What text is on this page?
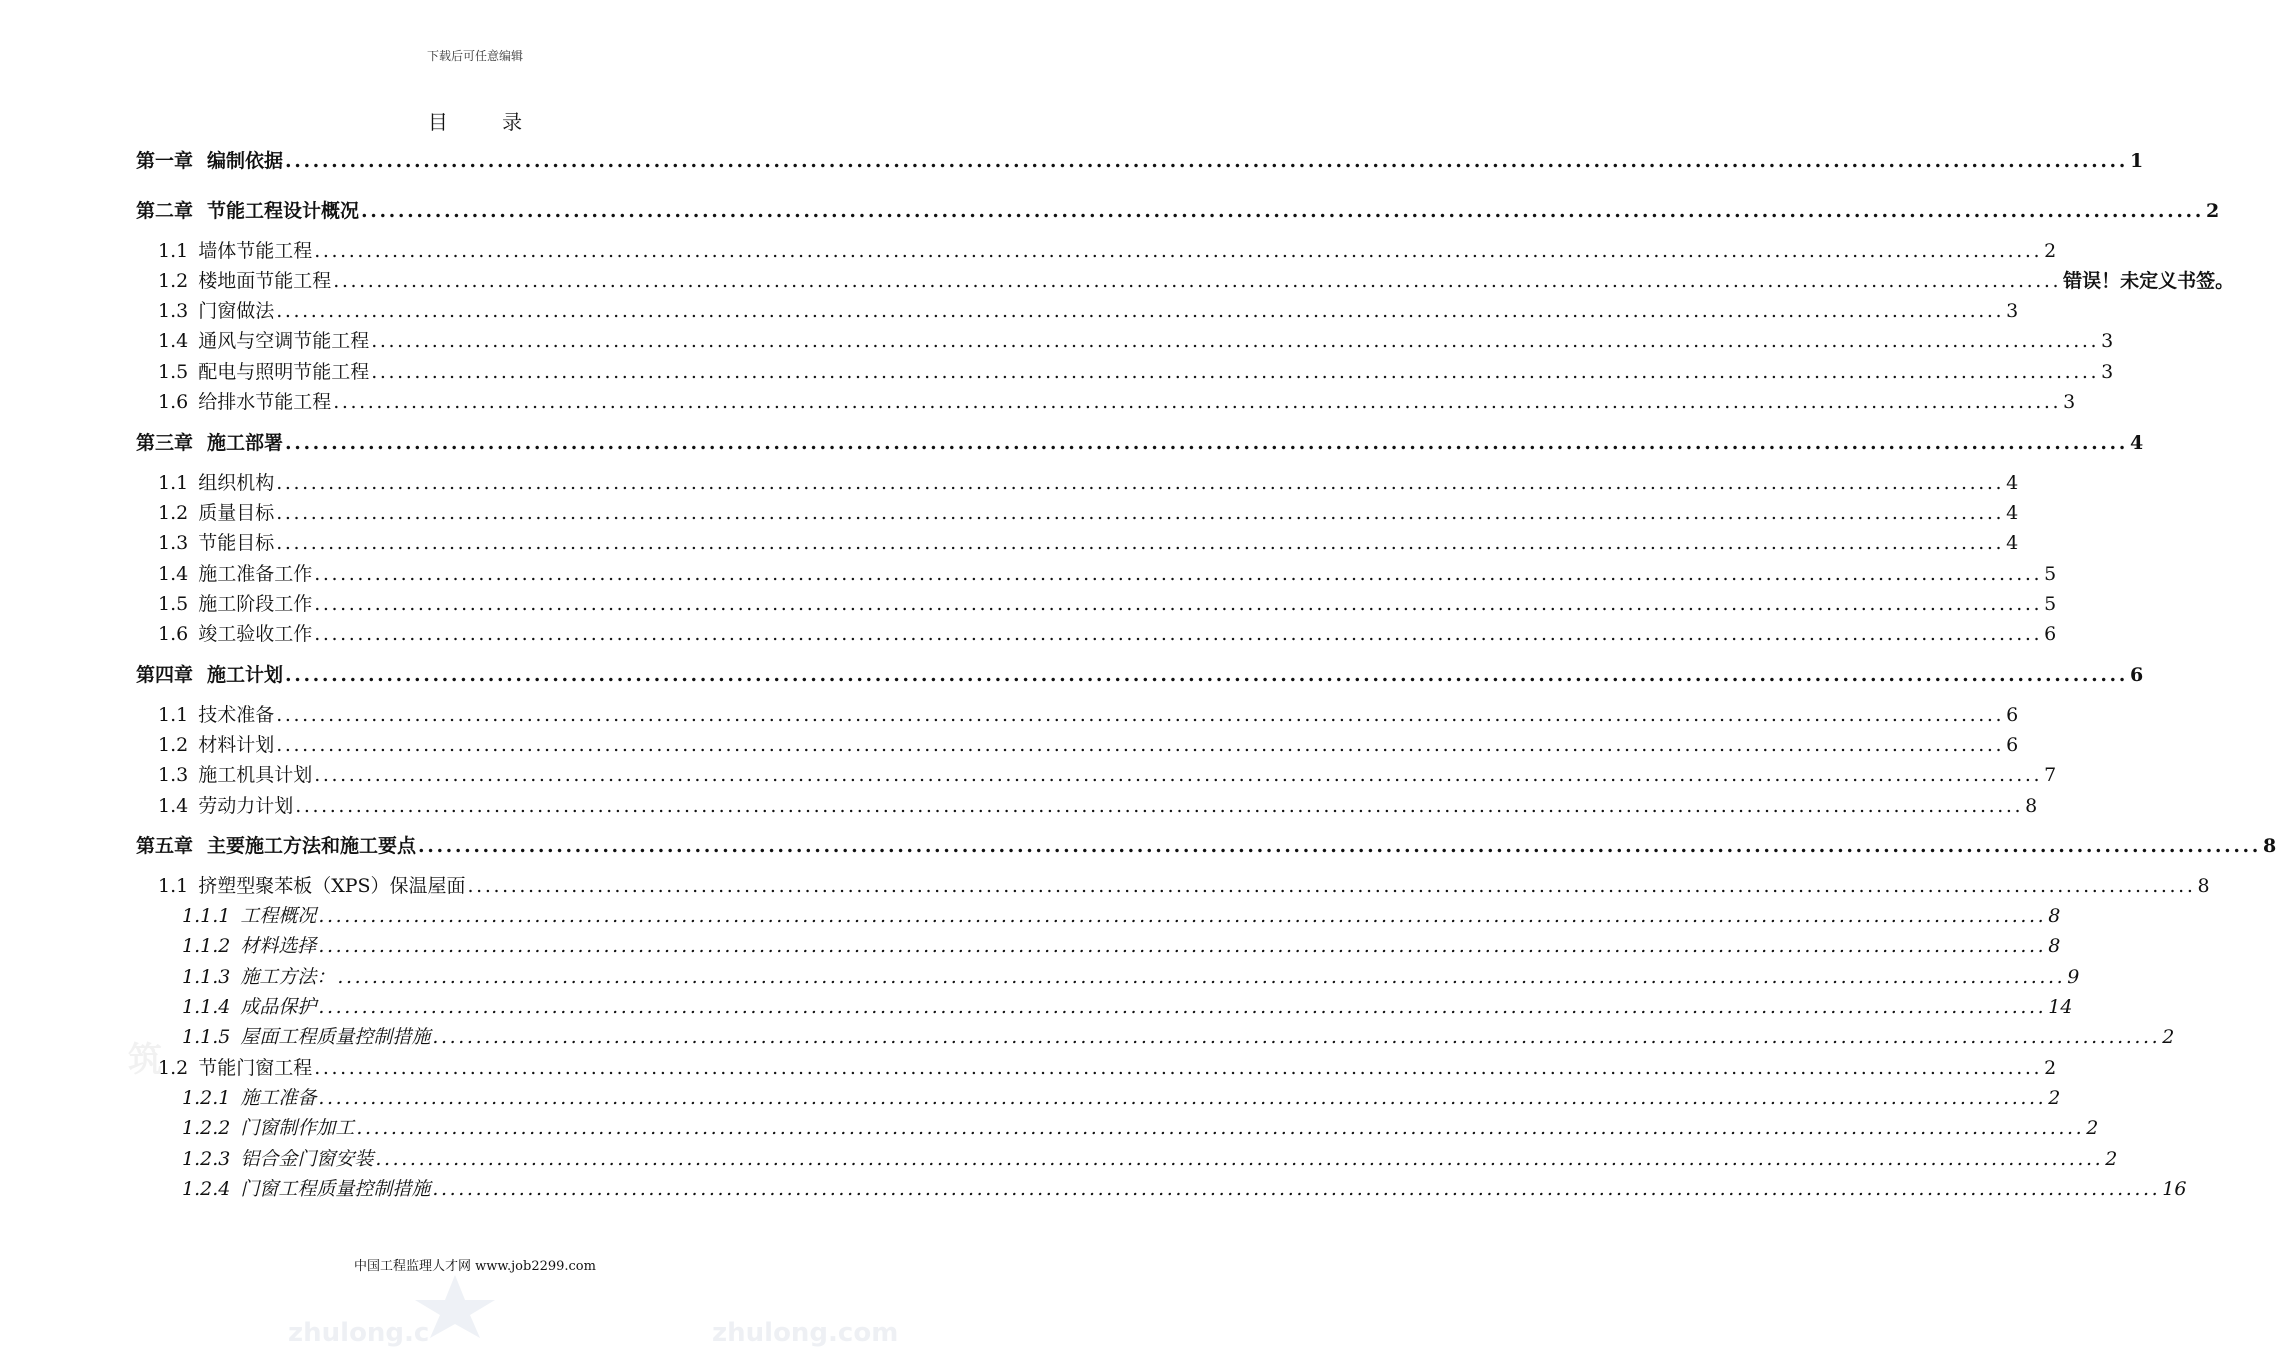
下载后可任意编辑
目 录
第一章 编制依据 ........................................................................................................................................................................................................ 1
第二章 节能工程设计概况 ........................................................................................................................................................................................................ 2
1.1 墙体节能工程 ........................................................................................................................................................................................................ 2
1.2 楼地面节能工程 ........................................................................................................................................................................................................ 错误！未定义书签。
1.3 门窗做法 ........................................................................................................................................................................................................ 3
1.4 通风与空调节能工程 ........................................................................................................................................................................................................ 3
1.5 配电与照明节能工程 ........................................................................................................................................................................................................ 3
1.6 给排水节能工程 ........................................................................................................................................................................................................ 3
第三章 施工部署 ........................................................................................................................................................................................................ 4
1.1 组织机构 ........................................................................................................................................................................................................ 4
1.2 质量目标 ........................................................................................................................................................................................................ 4
1.3 节能目标 ........................................................................................................................................................................................................ 4
1.4 施工准备工作 ........................................................................................................................................................................................................ 5
1.5 施工阶段工作 ........................................................................................................................................................................................................ 5
1.6 竣工验收工作 ........................................................................................................................................................................................................ 6
第四章 施工计划 ........................................................................................................................................................................................................ 6
1.1 技术准备 ........................................................................................................................................................................................................ 6
1.2 材料计划 ........................................................................................................................................................................................................ 6
1.3 施工机具计划 ........................................................................................................................................................................................................ 7
1.4 劳动力计划 ........................................................................................................................................................................................................ 8
第五章 主要施工方法和施工要点 ........................................................................................................................................................................................................ 8
1.1 挤塑型聚苯板（XPS）保温屋面 ........................................................................................................................................................................................................ 8
1.1.1 工程概况 ........................................................................................................................................................................................................ 8
1.1.2 材料选择 ........................................................................................................................................................................................................ 8
1.1.3 施工方法： ........................................................................................................................................................................................................ 9
1.1.4 成品保护 ........................................................................................................................................................................................................ 14
1.1.5 屋面工程质量控制措施 ........................................................................................................................................................................................................ 2
1.2 节能门窗工程 ........................................................................................................................................................................................................ 2
1.2.1 施工准备 ........................................................................................................................................................................................................ 2
1.2.2 门窗制作加工 ........................................................................................................................................................................................................ 2
1.2.3 铝合金门窗安装 ........................................................................................................................................................................................................ 2
1.2.4 门窗工程质量控制措施 ........................................................................................................................................................................................................ 16
筑
zhulong.c	zhulong.com
中国工程监理人才网 www.job2299.com
